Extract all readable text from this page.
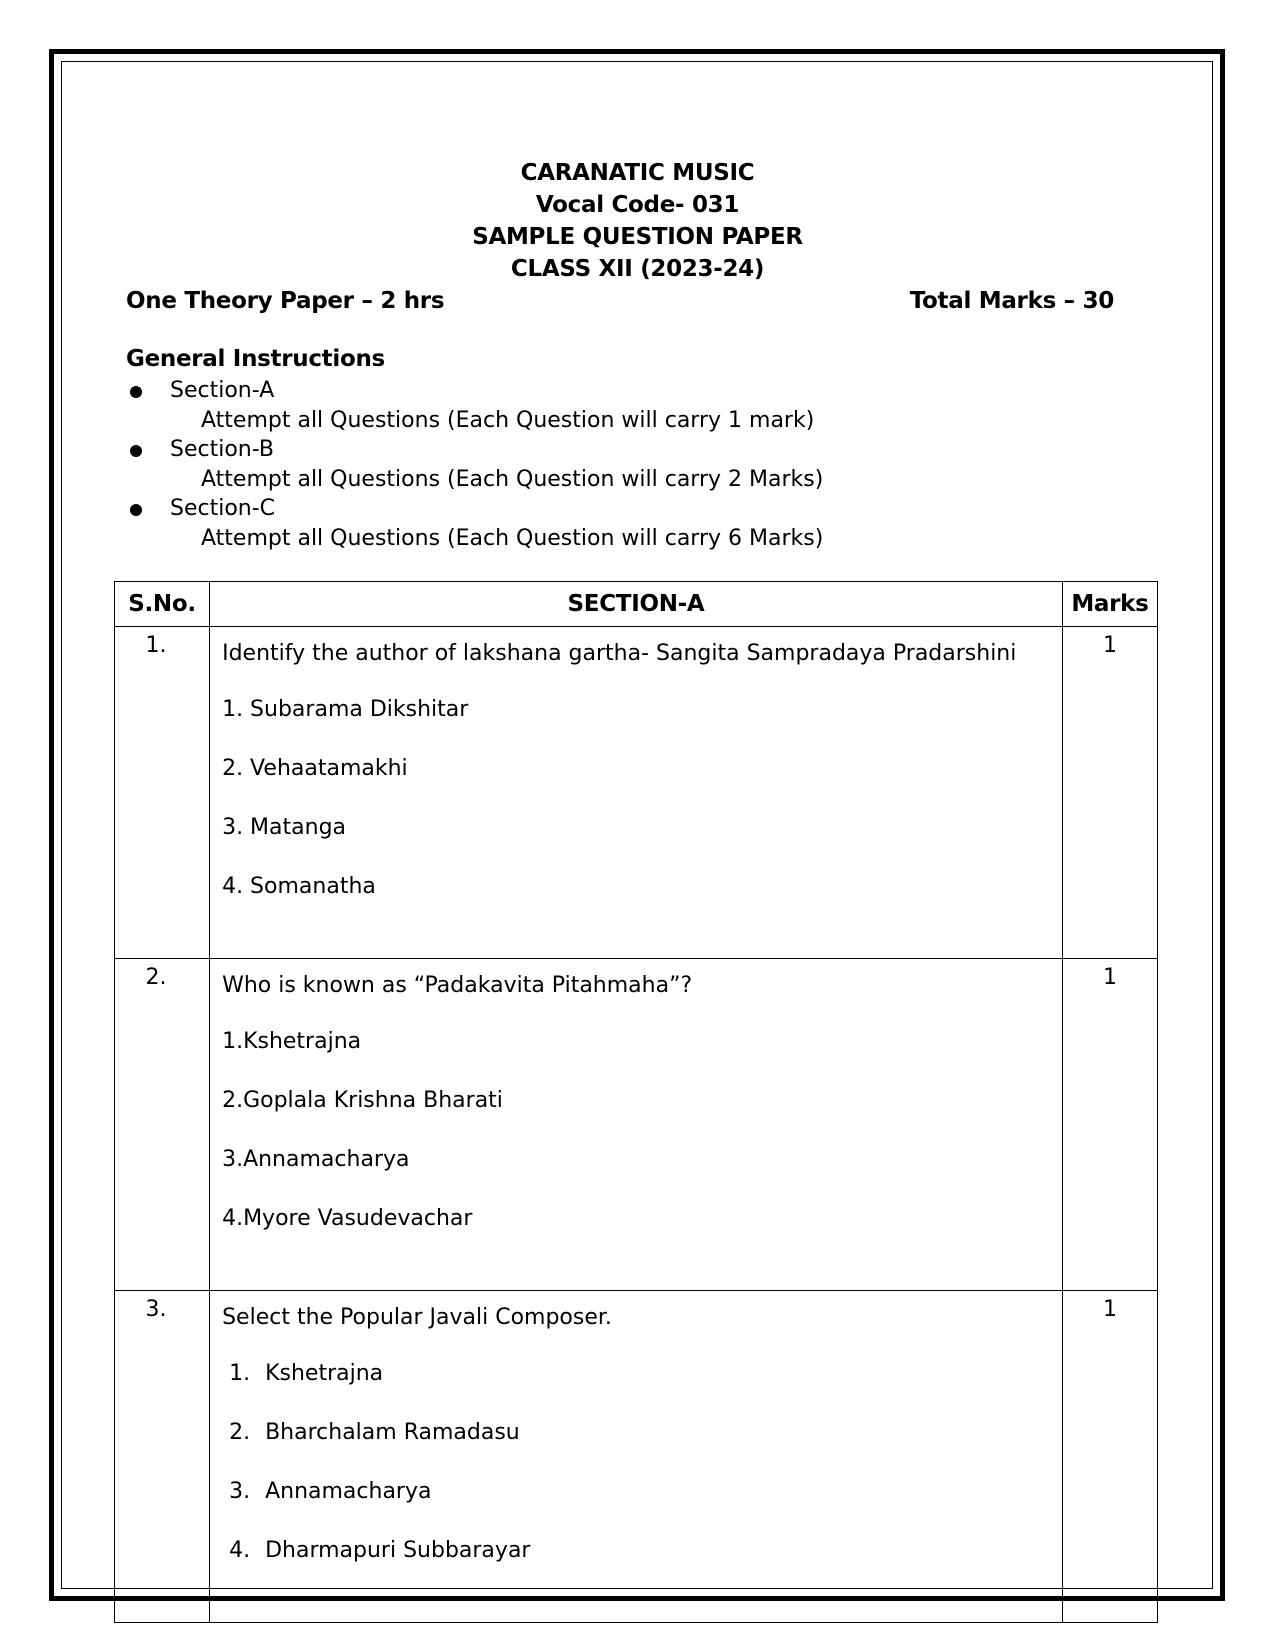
CARANATIC MUSIC
Vocal Code- 031
SAMPLE QUESTION PAPER
CLASS XII (2023-24)
One Theory Paper – 2 hrs	Total Marks – 30
General Instructions
Section-A
Attempt all Questions (Each Question will carry 1 mark)
Section-B
Attempt all Questions (Each Question will carry 2 Marks)
Section-C
Attempt all Questions (Each Question will carry 6 Marks)
S.No.	SECTION-A	Marks
1.	Identify the author of lakshana gartha- Sangita Sampradaya Pradarshini
1. Subarama Dikshitar
2. Vehaatamakhi
3. Matanga
4. Somanatha	1
2.	Who is known as “Padakavita Pitahmaha”?
1.Kshetrajna
2.Goplala Krishna Bharati
3.Annamacharya
4.Myore Vasudevachar	1
3.	Select the Popular Javali Composer.
1. Kshetrajna
2. Bharchalam Ramadasu
3. Annamacharya
4. Dharmapuri Subbarayar	1
